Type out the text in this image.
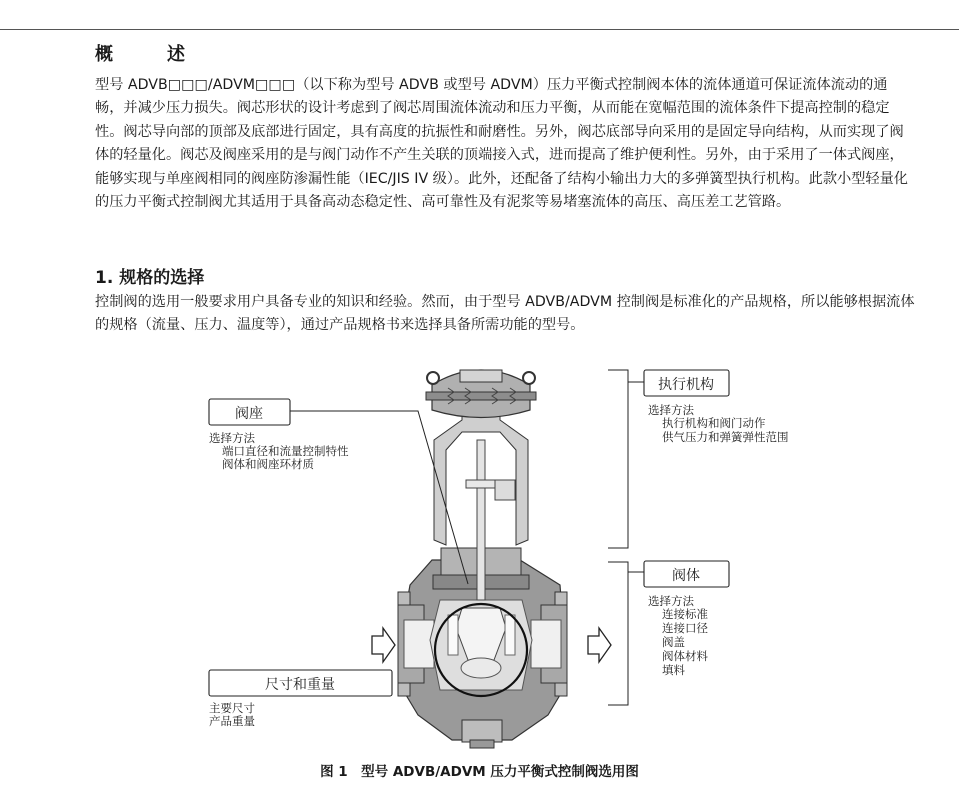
概　述
型号 ADVB□□□/ADVM□□□（以下称为型号 ADVB 或型号 ADVM）压力平衡式控制阀本体的流体通道可保证流体流动的通畅，并减少压力损失。阀芯形状的设计考虑到了阀芯周围流体流动和压力平衡，从而能在宽幅范围的流体条件下提高控制的稳定性。阀芯导向部的顶部及底部进行固定，具有高度的抗振性和耐磨性。另外，阀芯底部导向采用的是固定导向结构，从而实现了阀体的轻量化。阀芯及阀座采用的是与阀门动作不产生关联的顶端接入式，进而提高了维护便利性。另外，由于采用了一体式阀座，能够实现与单座阀相同的阀座防渗漏性能（IEC/JIS IV 级）。此外，还配备了结构小输出力大的多弹簧型执行机构。此款小型轻量化的压力平衡式控制阀尤其适用于具备高动态稳定性、高可靠性及有泥浆等易堵塞流体的高压、高压差工艺管路。
1. 规格的选择
控制阀的选用一般要求用户具备专业的知识和经验。然而，由于型号 ADVB/ADVM 控制阀是标准化的产品规格，所以能够根据流体的规格（流量、压力、温度等），通过产品规格书来选择具备所需功能的型号。
阀座
选择方法
端口直径和流量控制特性
阀体和阀座环材质
执行机构
选择方法
执行机构和阀门动作
供气压力和弹簧弹性范围
阀体
选择方法
连接标准
连接口径
阀盖
阀体材料
填料
尺寸和重量
主要尺寸
产品重量
图 1　型号 ADVB/ADVM 压力平衡式控制阀选用图
